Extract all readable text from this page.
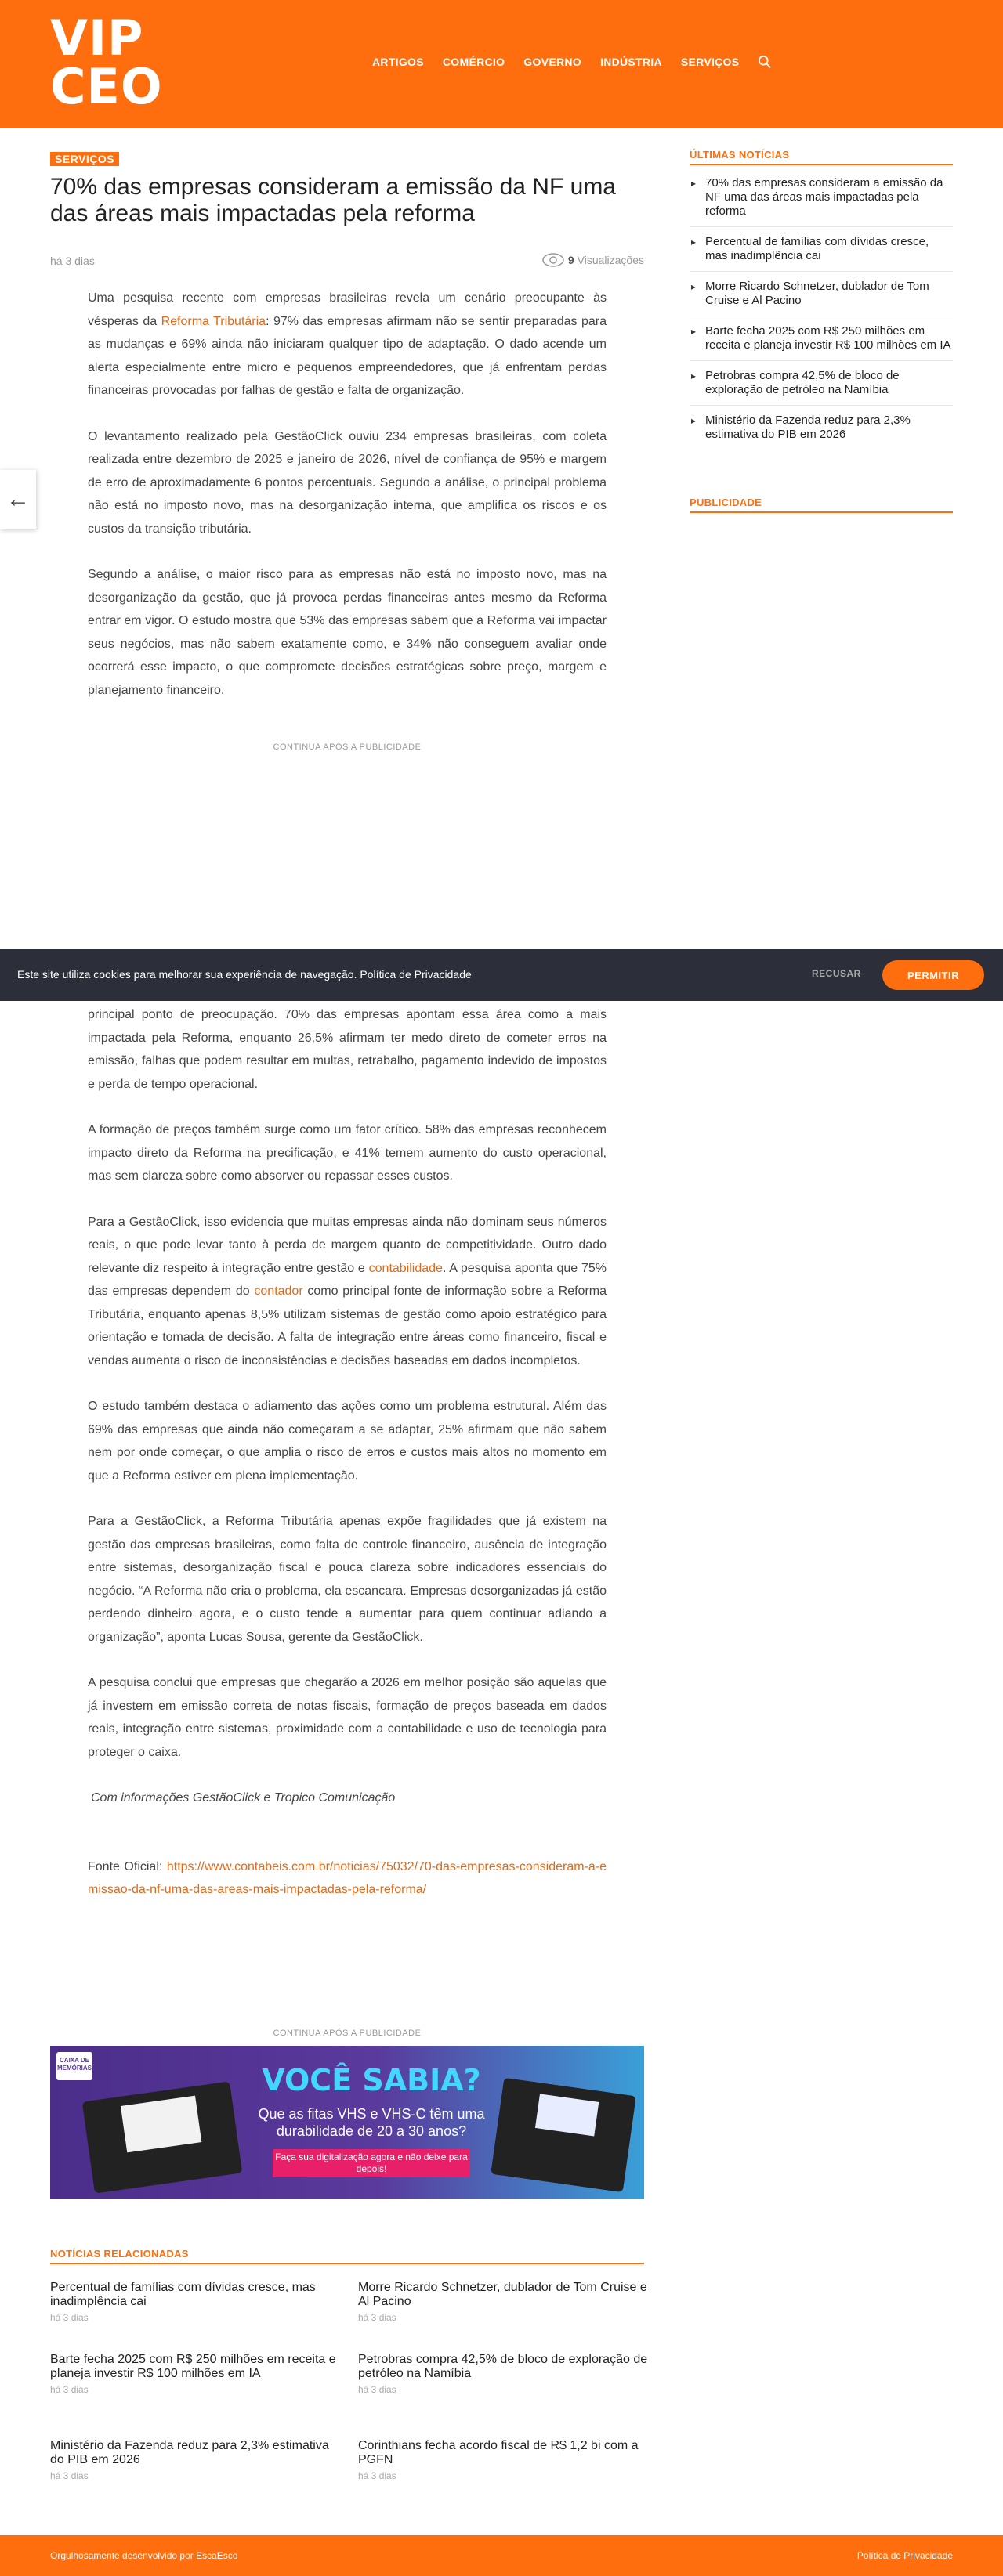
VIP
CEO	ARTIGOS COMÉRCIO GOVERNO INDÚSTRIA SERVIÇOS
←
SERVIÇOS
70% das empresas consideram a emissão da NF uma das áreas mais impactadas pela reforma
há 3 dias	9 Visualizações

Uma pesquisa recente com empresas brasileiras revela um cenário preocupante às vésperas da Reforma Tributária: 97% das empresas afirmam não se sentir preparadas para as mudanças e 69% ainda não iniciaram qualquer tipo de adaptação. O dado acende um alerta especialmente entre micro e pequenos empreendedores, que já enfrentam perdas financeiras provocadas por falhas de gestão e falta de organização.

O levantamento realizado pela GestãoClick ouviu 234 empresas brasileiras, com coleta realizada entre dezembro de 2025 e janeiro de 2026, nível de confiança de 95% e margem de erro de aproximadamente 6 pontos percentuais. Segundo a análise, o principal problema não está no imposto novo, mas na desorganização interna, que amplifica os riscos e os custos da transição tributária.

Segundo a análise, o maior risco para as empresas não está no imposto novo, mas na desorganização da gestão, que já provoca perdas financeiras antes mesmo da Reforma entrar em vigor. O estudo mostra que 53% das empresas sabem que a Reforma vai impactar seus negócios, mas não sabem exatamente como, e 34% não conseguem avaliar onde ocorrerá esse impacto, o que compromete decisões estratégicas sobre preço, margem e planejamento financeiro.

CONTINUA APÓS A PUBLICIDADE
Este site utiliza cookies para melhorar sua experiência de navegação. Política de Privacidade	RECUSAR	PERMITIR

principal ponto de preocupação. 70% das empresas apontam essa área como a mais impactada pela Reforma, enquanto 26,5% afirmam ter medo direto de cometer erros na emissão, falhas que podem resultar em multas, retrabalho, pagamento indevido de impostos e perda de tempo operacional.

A formação de preços também surge como um fator crítico. 58% das empresas reconhecem impacto direto da Reforma na precificação, e 41% temem aumento do custo operacional, mas sem clareza sobre como absorver ou repassar esses custos.

Para a GestãoClick, isso evidencia que muitas empresas ainda não dominam seus números reais, o que pode levar tanto à perda de margem quanto de competitividade. Outro dado relevante diz respeito à integração entre gestão e contabilidade. A pesquisa aponta que 75% das empresas dependem do contador como principal fonte de informação sobre a Reforma Tributária, enquanto apenas 8,5% utilizam sistemas de gestão como apoio estratégico para orientação e tomada de decisão. A falta de integração entre áreas como financeiro, fiscal e vendas aumenta o risco de inconsistências e decisões baseadas em dados incompletos.

O estudo também destaca o adiamento das ações como um problema estrutural. Além das 69% das empresas que ainda não começaram a se adaptar, 25% afirmam que não sabem nem por onde começar, o que amplia o risco de erros e custos mais altos no momento em que a Reforma estiver em plena implementação.

Para a GestãoClick, a Reforma Tributária apenas expõe fragilidades que já existem na gestão das empresas brasileiras, como falta de controle financeiro, ausência de integração entre sistemas, desorganização fiscal e pouca clareza sobre indicadores essenciais do negócio. “A Reforma não cria o problema, ela escancara. Empresas desorganizadas já estão perdendo dinheiro agora, e o custo tende a aumentar para quem continuar adiando a organização”, aponta Lucas Sousa, gerente da GestãoClick.

A pesquisa conclui que empresas que chegarão a 2026 em melhor posição são aquelas que já investem em emissão correta de notas fiscais, formação de preços baseada em dados reais, integração entre sistemas, proximidade com a contabilidade e uso de tecnologia para proteger o caixa.

Com informações GestãoClick e Tropico Comunicação

Fonte Oficial: https://www.contabeis.com.br/noticias/75032/70-das-empresas-consideram-a-emissao-da-nf-uma-das-areas-mais-impactadas-pela-reforma/

CONTINUA APÓS A PUBLICIDADE
CAIXA DE MEMÓRIAS	VOCÊ SABIA?
Que as fitas VHS e VHS-C têm uma durabilidade de 20 a 30 anos?
Faça sua digitalização agora e não deixe para depois!
NOTÍCIAS RELACIONADAS
Percentual de famílias com dívidas cresce, mas inadimplência cai
há 3 dias
Morre Ricardo Schnetzer, dublador de Tom Cruise e Al Pacino
há 3 dias
Barte fecha 2025 com R$ 250 milhões em receita e planeja investir R$ 100 milhões em IA
há 3 dias
Petrobras compra 42,5% de bloco de exploração de petróleo na Namíbia
há 3 dias
Ministério da Fazenda reduz para 2,3% estimativa do PIB em 2026
há 3 dias
Corinthians fecha acordo fiscal de R$ 1,2 bi com a PGFN
há 3 dias
ÚLTIMAS NOTÍCIAS
▸ 70% das empresas consideram a emissão da NF uma das áreas mais impactadas pela reforma
▸ Percentual de famílias com dívidas cresce, mas inadimplência cai
▸ Morre Ricardo Schnetzer, dublador de Tom Cruise e Al Pacino
▸ Barte fecha 2025 com R$ 250 milhões em receita e planeja investir R$ 100 milhões em IA
▸ Petrobras compra 42,5% de bloco de exploração de petróleo na Namíbia
▸ Ministério da Fazenda reduz para 2,3% estimativa do PIB em 2026
PUBLICIDADE
Orgulhosamente desenvolvido por EscaEsco	Política de Privacidade
